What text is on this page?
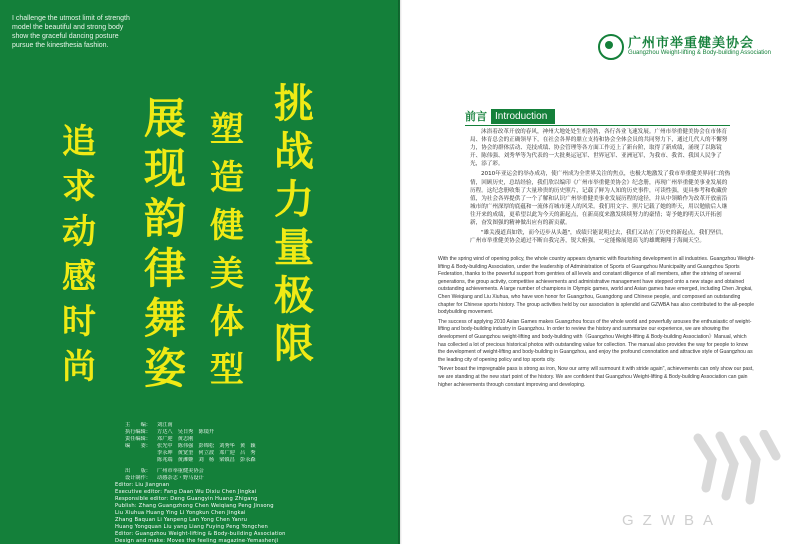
I challenge the utmost limit of strength
model the beautiful and strong body
show the graceful dancing posture
pursue the kinesthesia fashion.
挑
战
力
量
极
限
塑
造
健
美
体
型
展
现
韵
律
舞
姿
追
求
动
感
时
尚
主　　编： 刘江南
执行编辑： 方达八　吴日秀　陈镜开
责任编辑： 邓广迎　黄志刚
编　　委： 张光中　陈伟强　彭锦松　刘秀华　黄　颖
李永坤　黄宽奎　何立波　邓广迎　吕　秀
陈兆端　黄滩姬　刘　杨　梁镇昌　彭永森
出　　版： 广州市举重健美协会
设计制作： 动感杂志・野马设计
Editor: Liu Jiangnan
Executive editor: Fang Daan Wu Dixiu Chen Jingkai
Responsible editor: Deng Guangyin Huang Zhigang
Publish: Zhang Guangzhong Chen Weiqiang Peng Jinsong
Liu Xiuhua Huang Ying Li Yongkun Chen Jingkai
Zhang Baquan Li Yanpeng Lan Yong Chen Yanru
Huang Yongquan Liu yang Liang Fuying Peng Yongchen
Editor: Guangzhou Weight-lifting & Body-building Association
Design and make: Moves the feeling magazine·Yemashenji
广州市举重健美协会
Guangzhou Weight-lifting & Body-building Association
前言 Introduction

沐浴着改革开放的春风，神州大地处处生机勃勃，各行各业飞速发展。广州市举重健美协会在市体育局、体育总会的正确领导下，在社会各界的鼎立支持和协会全体会员的共同努力下，通过几代人的不懈努力，协会的群体活动、竞技成绩、协会管理等各方面工作迈上了新台阶，取得了新成绩，涌现了以陈镜开、陈伟强、刘秀华等为代表的一大批奥运冠军、世界冠军、亚洲冠军，为我市、我省、我国人民争了光，添了彩。

2010年亚运会的举办成功，使广州成为全世界关注的焦点，也极大地激发了我市举重健美界同仁的热情，回顾历史，总结经验，我们欣以编印《广州市举重健美协会》纪念册，再现广州举重健美事业发展的历程。这纪念册收集了大量珍贵的历史照片，记载了鲜为人知的历史事件，可读性强，更具参考和收藏价值，为社会各界提供了一个了解和认识广州举重健美事业发展历程的途径，并从中领略作为改革开放前沿城市的广州深厚的底蕴和一流体育城市迷人的风采。我们用文字、照片记载了她的昨天，用以勉励后人继往开来的成绩，更希望以此为今天的新起点，在新高度来激发续续努力的豪情；寄予她的明天以开拓创新，奋发图强的精神做出应有的新贡献。

"雄关漫道真如铁，而今迈步从头越"，成绩只能说明过去，我们又站在了历史的新起点，我们坚信，广州市举重健美协会通过不断自我完善，锐大俯强，一定能像展翅高飞的雄鹰翱翔于海阔天空。

With the spring wind of opening policy, the whole country appears dynamic with flourishing development in all industries. Guangzhou Weight-lifting & Body-building Association, under the leadership of Administration of Sports of Guangzhou Municipality and Guangzhou Sports Federation, thanks to the powerful support from gentries of all levels and constant diligence of all members, after the striving of several generations, the group activity, competitive achievements and administrative management have stepped onto a new stage and obtained outstanding achievements. A large number of champions in Olympic games, world and Asian games have emerged, including Chen Jingkai, Chen Weiqiang and Liu Xiuhua, who have won honor for Guangzhou, Guangdong and Chinese people, and composed an outstanding chapter for Chinese sports history. The group activities held by our association is splendid and GZWBA has also contributed to the all-people bodybuilding movement.

The success of applying 2010 Asian Games makes Guangzhou focus of the whole world and powerfully arouses the enthusiastic of weight-lifting and body-building industry in Guangzhou. In order to review the history and summarize our experience, we are showing the development of Guangzhou weight-lifting and body-building with《Guangzhou Weight-lifting & Body-building Association》Manual, which has collected a lot of precious historical photos with outstanding value for collection. The manual also provides the way for people to know the development of weight-lifting and body-building in Guangzhou, and enjoy the profound connotation and attractive style of Guangzhou as the leading city of opening policy and top sports city.

"Never boast the impregnable pass is strong as iron, Now our army will surmount it with stride again", achievements can only show our past, we are standing at the new start point of the history. We are confident that Guangzhou Weight-lifting & Body-building Association can gain higher achievements through constant improving and developing.

GZWBA
